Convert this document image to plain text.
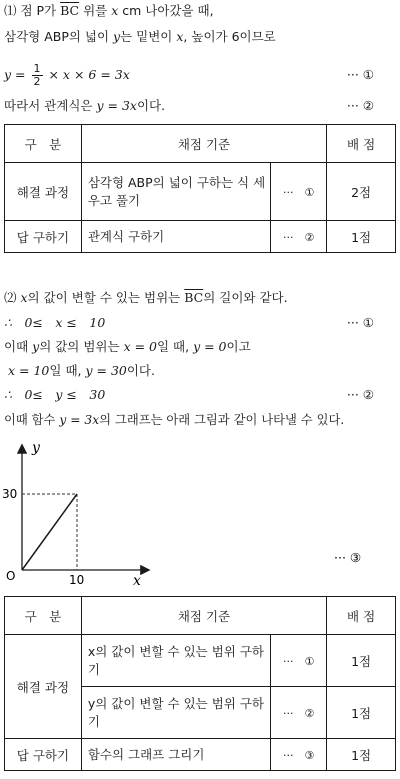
⑴ 점 P가 $\overline{BC}$ 위를 x cm 나아갔을 때,
삼각형 ABP의 넓이 y는 밑변이 x, 높이가 6이므로
$y = \frac{1}{2} \times x \times 6 = 3x$	··· ①
따라서 관계식은 y = 3x이다.	··· ②
구　분	채점 기준		배 점
해결 과정	삼각형 ABP의 넓이 구하는 식 세우고 풀기	···　①	2점
답 구하기	관계식 구하기	···　②	1점
⑵ x의 값이 변할 수 있는 범위는 $\overline{BC}$의 길이와 같다.
∴　0≤　x ≤　10	··· ①
이때 y의 값의 범위는 x = 0일 때, y = 0이고
x = 10일 때, y = 30이다.
∴　0≤　y ≤　30	··· ②
이때 함수 y = 3x의 그래프는 아래 그림과 같이 나타낼 수 있다.
y
x
O	10
30
··· ③
구　분	채점 기준		배 점
해결 과정	x의 값이 변할 수 있는 범위 구하기	···　①	1점
	y의 값이 변할 수 있는 범위 구하기	···　②	1점
답 구하기	함수의 그래프 그리기	···　③	1점
